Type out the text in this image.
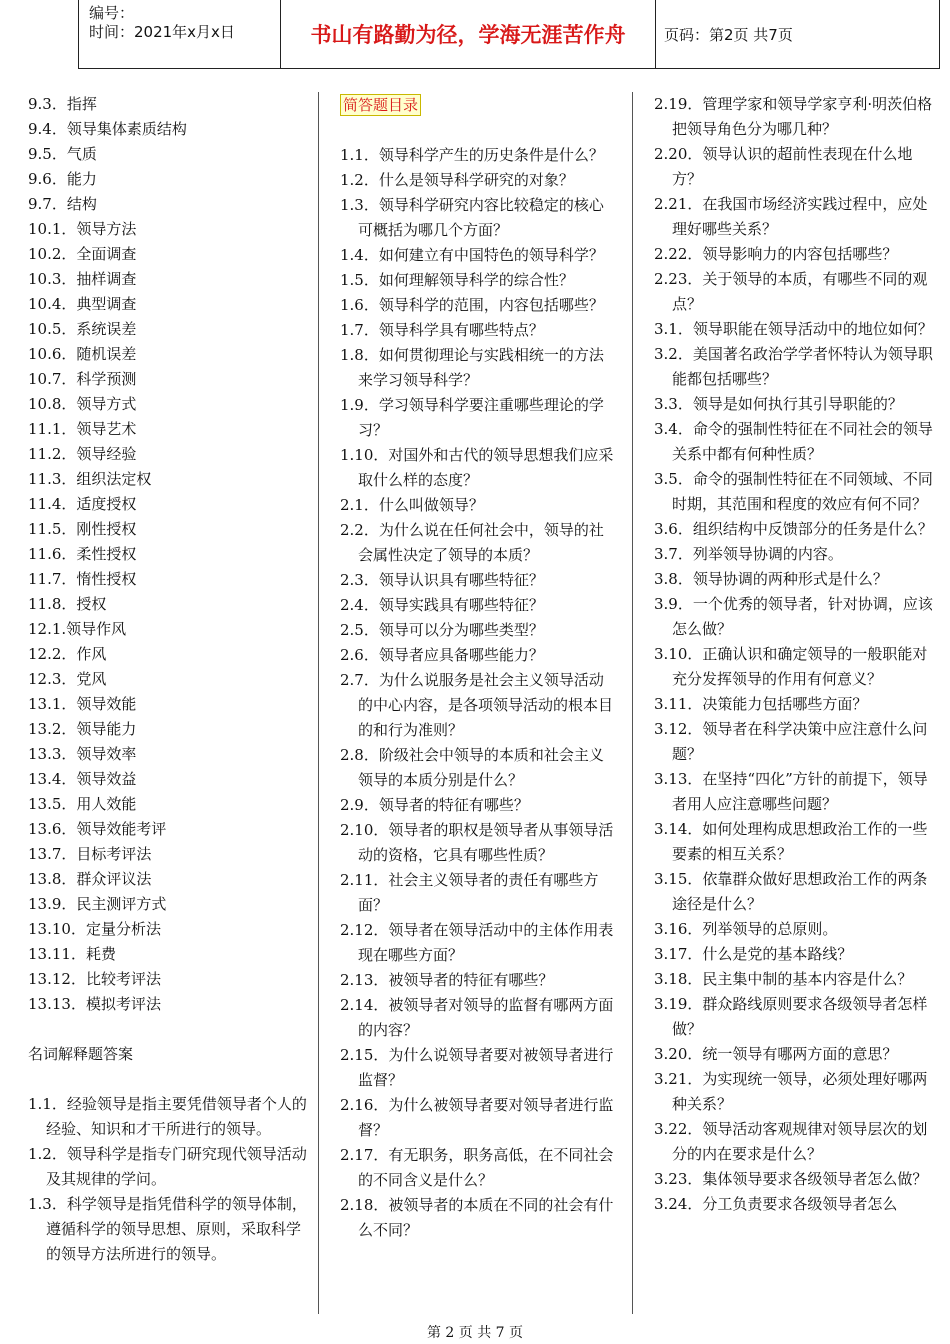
编号：
时间：2021年x月x日	书山有路勤为径，学海无涯苦作舟	页码：第2页 共7页
9.3．指挥
9.4．领导集体素质结构
9.5．气质
9.6．能力
9.7．结构
10.1．领导方法
10.2．全面调查
10.3．抽样调查
10.4．典型调查
10.5．系统误差
10.6．随机误差
10.7．科学预测
10.8．领导方式
11.1．领导艺术
11.2．领导经验
11.3．组织法定权
11.4．适度授权
11.5．刚性授权
11.6．柔性授权
11.7．惰性授权
11.8．授权
12.1.领导作风
12.2．作风
12.3．党风
13.1．领导效能
13.2．领导能力
13.3．领导效率
13.4．领导效益
13.5．用人效能
13.6．领导效能考评
13.7．目标考评法
13.8．群众评议法
13.9．民主测评方式
13.10．定量分析法
13.11．耗费
13.12．比较考评法
13.13．模拟考评法
名词解释题答案
1.1．经验领导是指主要凭借领导者个人的经验、知识和才干所进行的领导。
1.2．领导科学是指专门研究现代领导活动及其规律的学问。
1.3．科学领导是指凭借科学的领导体制，遵循科学的领导思想、原则，采取科学的领导方法所进行的领导。
简答题目录
1.1．领导科学产生的历史条件是什么？
1.2．什么是领导科学研究的对象？
1.3．领导科学研究内容比较稳定的核心可概括为哪几个方面？
1.4．如何建立有中国特色的领导科学？
1.5．如何理解领导科学的综合性？
1.6．领导科学的范围，内容包括哪些？
1.7．领导科学具有哪些特点？
1.8．如何贯彻理论与实践相统一的方法来学习领导科学？
1.9．学习领导科学要注重哪些理论的学习？
1.10．对国外和古代的领导思想我们应采取什么样的态度？
2.1．什么叫做领导？
2.2．为什么说在任何社会中，领导的社会属性决定了领导的本质？
2.3．领导认识具有哪些特征？
2.4．领导实践具有哪些特征？
2.5．领导可以分为哪些类型？
2.6．领导者应具备哪些能力？
2.7．为什么说服务是社会主义领导活动的中心内容，是各项领导活动的根本目的和行为准则？
2.8．阶级社会中领导的本质和社会主义领导的本质分别是什么？
2.9．领导者的特征有哪些？
2.10．领导者的职权是领导者从事领导活动的资格，它具有哪些性质？
2.11．社会主义领导者的责任有哪些方面？
2.12．领导者在领导活动中的主体作用表现在哪些方面？
2.13．被领导者的特征有哪些？
2.14．被领导者对领导的监督有哪两方面的内容？
2.15．为什么说领导者要对被领导者进行监督？
2.16．为什么被领导者要对领导者进行监督？
2.17．有无职务，职务高低，在不同社会的不同含义是什么？
2.18．被领导者的本质在不同的社会有什么不同？
2.19．管理学家和领导学家亨利·明茨伯格把领导角色分为哪几种？
2.20．领导认识的超前性表现在什么地方？
2.21．在我国市场经济实践过程中，应处理好哪些关系？
2.22．领导影响力的内容包括哪些？
2.23．关于领导的本质，有哪些不同的观点？
3.1．领导职能在领导活动中的地位如何？
3.2．美国著名政治学学者怀特认为领导职能都包括哪些？
3.3．领导是如何执行其引导职能的？
3.4．命令的强制性特征在不同社会的领导关系中都有何种性质？
3.5．命令的强制性特征在不同领域、不同时期，其范围和程度的效应有何不同？
3.6．组织结构中反馈部分的任务是什么？
3.7．列举领导协调的内容。
3.8．领导协调的两种形式是什么？
3.9．一个优秀的领导者，针对协调，应该怎么做？
3.10．正确认识和确定领导的一般职能对充分发挥领导的作用有何意义？
3.11．决策能力包括哪些方面？
3.12．领导者在科学决策中应注意什么问题？
3.13．在坚持“四化”方针的前提下，领导者用人应注意哪些问题？
3.14．如何处理构成思想政治工作的一些要素的相互关系？
3.15．依靠群众做好思想政治工作的两条途径是什么？
3.16．列举领导的总原则。
3.17．什么是党的基本路线？
3.18．民主集中制的基本内容是什么？
3.19．群众路线原则要求各级领导者怎样做？
3.20．统一领导有哪两方面的意思？
3.21．为实现统一领导，必须处理好哪两种关系？
3.22．领导活动客观规律对领导层次的划分的内在要求是什么？
3.23．集体领导要求各级领导者怎么做？
3.24．分工负责要求各级领导者怎么
第 2 页 共 7 页
